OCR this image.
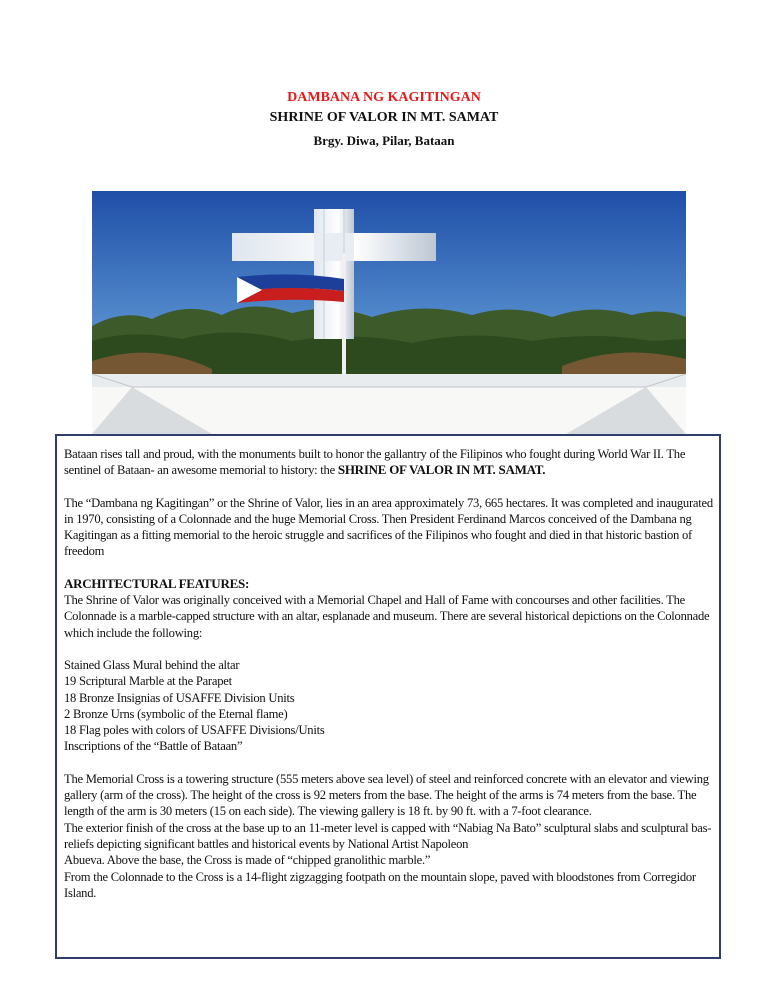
DAMBANA NG KAGITINGAN
SHRINE OF VALOR IN MT. SAMAT
Brgy. Diwa, Pilar, Bataan

Bataan rises tall and proud, with the monuments built to honor the gallantry of the Filipinos who fought during World War II. The sentinel of Bataan- an awesome memorial to history: the SHRINE OF VALOR IN MT. SAMAT.

The “Dambana ng Kagitingan” or the Shrine of Valor, lies in an area approximately 73, 665 hectares. It was completed and inaugurated in 1970, consisting of a Colonnade and the huge Memorial Cross. Then President Ferdinand Marcos conceived of the Dambana ng Kagitingan as a fitting memorial to the heroic struggle and sacrifices of the Filipinos who fought and died in that historic bastion of freedom

ARCHITECTURAL FEATURES:

The Shrine of Valor was originally conceived with a Memorial Chapel and Hall of Fame with concourses and other facilities. The Colonnade is a marble-capped structure with an altar, esplanade and museum. There are several historical depictions on the Colonnade which include the following:

Stained Glass Mural behind the altar

19 Scriptural Marble at the Parapet

18 Bronze Insignias of USAFFE Division Units

2 Bronze Urns (symbolic of the Eternal flame)

18 Flag poles with colors of USAFFE Divisions/Units

Inscriptions of the “Battle of Bataan”

The Memorial Cross is a towering structure (555 meters above sea level) of steel and reinforced concrete with an elevator and viewing gallery (arm of the cross). The height of the cross is 92 meters from the base. The height of the arms is 74 meters from the base. The length of the arm is 30 meters (15 on each side). The viewing gallery is 18 ft. by 90 ft. with a 7-foot clearance.

The exterior finish of the cross at the base up to an 11-meter level is capped with “Nabiag Na Bato” sculptural slabs and sculptural bas-reliefs depicting significant battles and historical events by National Artist Napoleon

Abueva. Above the base, the Cross is made of “chipped granolithic marble.”

From the Colonnade to the Cross is a 14-flight zigzagging footpath on the mountain slope, paved with bloodstones from Corregidor Island.
